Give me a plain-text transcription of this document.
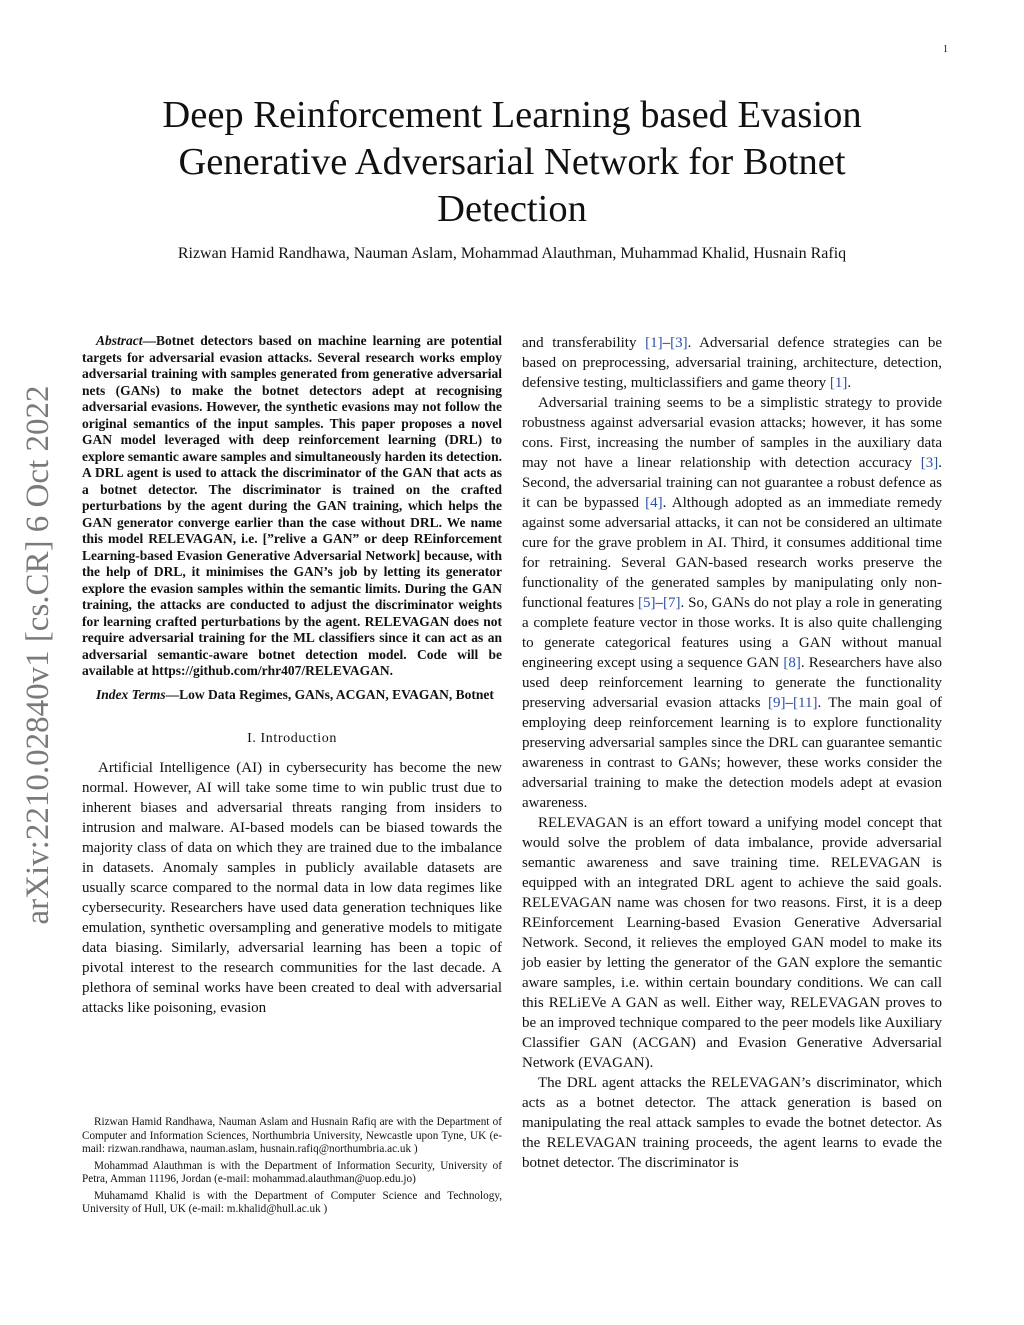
1
arXiv:2210.02840v1 [cs.CR] 6 Oct 2022
Deep Reinforcement Learning based Evasion Generative Adversarial Network for Botnet Detection
Rizwan Hamid Randhawa, Nauman Aslam, Mohammad Alauthman, Muhammad Khalid, Husnain Rafiq

Abstract—Botnet detectors based on machine learning are potential targets for adversarial evasion attacks. Several research works employ adversarial training with samples generated from generative adversarial nets (GANs) to make the botnet detectors adept at recognising adversarial evasions. However, the synthetic evasions may not follow the original semantics of the input samples. This paper proposes a novel GAN model leveraged with deep reinforcement learning (DRL) to explore semantic aware samples and simultaneously harden its detection. A DRL agent is used to attack the discriminator of the GAN that acts as a botnet detector. The discriminator is trained on the crafted perturbations by the agent during the GAN training, which helps the GAN generator converge earlier than the case without DRL. We name this model RELEVAGAN, i.e. [”relive a GAN” or deep REinforcement Learning-based Evasion Generative Adversarial Network] because, with the help of DRL, it minimises the GAN’s job by letting its generator explore the evasion samples within the semantic limits. During the GAN training, the attacks are conducted to adjust the discriminator weights for learning crafted perturbations by the agent. RELEVAGAN does not require adversarial training for the ML classifiers since it can act as an adversarial semantic-aware botnet detection model. Code will be available at https://github.com/rhr407/RELEVAGAN.

Index Terms—Low Data Regimes, GANs, ACGAN, EVAGAN, Botnet

I. Introduction

Artificial Intelligence (AI) in cybersecurity has become the new normal. However, AI will take some time to win public trust due to inherent biases and adversarial threats ranging from insiders to intrusion and malware. AI-based models can be biased towards the majority class of data on which they are trained due to the imbalance in datasets. Anomaly samples in publicly available datasets are usually scarce compared to the normal data in low data regimes like cybersecurity. Researchers have used data generation techniques like emulation, synthetic oversampling and generative models to mitigate data biasing. Similarly, adversarial learning has been a topic of pivotal interest to the research communities for the last decade. A plethora of seminal works have been created to deal with adversarial attacks like poisoning, evasion

Rizwan Hamid Randhawa, Nauman Aslam and Husnain Rafiq are with the Department of Computer and Information Sciences, Northumbria University, Newcastle upon Tyne, UK (e-mail: rizwan.randhawa, nauman.aslam, husnain.rafiq@northumbria.ac.uk )

Mohammad Alauthman is with the Department of Information Security, University of Petra, Amman 11196, Jordan (e-mail: mohammad.alauthman@uop.edu.jo)

Muhamamd Khalid is with the Department of Computer Science and Technology, University of Hull, UK (e-mail: m.khalid@hull.ac.uk )

and transferability [1]–[3]. Adversarial defence strategies can be based on preprocessing, adversarial training, architecture, detection, defensive testing, multiclassifiers and game theory [1].

Adversarial training seems to be a simplistic strategy to provide robustness against adversarial evasion attacks; however, it has some cons. First, increasing the number of samples in the auxiliary data may not have a linear relationship with detection accuracy [3]. Second, the adversarial training can not guarantee a robust defence as it can be bypassed [4]. Although adopted as an immediate remedy against some adversarial attacks, it can not be considered an ultimate cure for the grave problem in AI. Third, it consumes additional time for retraining. Several GAN-based research works preserve the functionality of the generated samples by manipulating only non-functional features [5]–[7]. So, GANs do not play a role in generating a complete feature vector in those works. It is also quite challenging to generate categorical features using a GAN without manual engineering except using a sequence GAN [8]. Researchers have also used deep reinforcement learning to generate the functionality preserving adversarial evasion attacks [9]–[11]. The main goal of employing deep reinforcement learning is to explore functionality preserving adversarial samples since the DRL can guarantee semantic awareness in contrast to GANs; however, these works consider the adversarial training to make the detection models adept at evasion awareness.

RELEVAGAN is an effort toward a unifying model concept that would solve the problem of data imbalance, provide adversarial semantic awareness and save training time. RELEVAGAN is equipped with an integrated DRL agent to achieve the said goals. RELEVAGAN name was chosen for two reasons. First, it is a deep REinforcement Learning-based Evasion Generative Adversarial Network. Second, it relieves the employed GAN model to make its job easier by letting the generator of the GAN explore the semantic aware samples, i.e. within certain boundary conditions. We can call this RELiEVe A GAN as well. Either way, RELEVAGAN proves to be an improved technique compared to the peer models like Auxiliary Classifier GAN (ACGAN) and Evasion Generative Adversarial Network (EVAGAN).

The DRL agent attacks the RELEVAGAN’s discriminator, which acts as a botnet detector. The attack generation is based on manipulating the real attack samples to evade the botnet detector. As the RELEVAGAN training proceeds, the agent learns to evade the botnet detector. The discriminator is
